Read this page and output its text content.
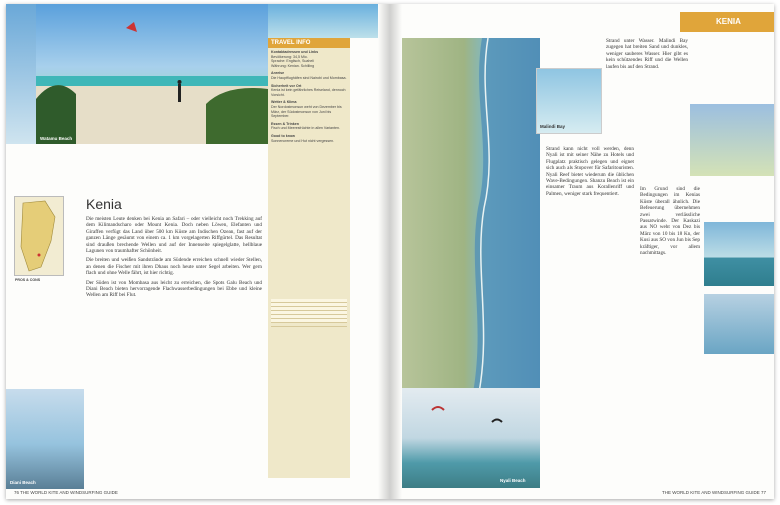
Watamu Beach
PROS & CONS
Kenia

Die meisten Leute denken bei Kenia an Safari – oder vielleicht noch Trekking auf dem Kilimandscharo oder Mount Kenia. Doch neben Löwen, Elefanten und Giraffen verfügt das Land über 500 km Küste am Indischen Ozean, fast auf der ganzen Länge gesäumt von einem ca. 1 km vorgelagerten Riffgürtel. Das Resultat sind draußen brechende Wellen und auf der Innenseite spiegelglatte, hellblaue Lagunen von traumhafter Schönheit.

Die breiten und weißen Sandstrände am Südende erreichen schnell wieder Stellen, an denen die Fischer mit ihren Dhaus noch heute unter Segel arbeiten. Wer gern flach und ohne Welle fährt, ist hier richtig.

Der Süden ist von Mombasa aus leicht zu erreichen, die Spots Galu Beach und Diani Beach bieten hervorragende Flachwasserbedingungen bei Ebbe und kleine Wellen am Riff bei Flut.

Diani Beach
TRAVEL INFO
Kontaktadressen und Links
Bevölkerung: 34,5 Mio.
Sprache: Englisch, Suaheli
Währung: Kenian. Schilling
Anreise
Die Hauptflughäfen sind Nairobi und Mombasa.
Sicherheit vor Ort
Kenia ist kein gefährliches Reiseland, dennoch Vorsicht.
Wetter & Klima
Der Nordostmonsun weht von Dezember bis März, der Südostmonsun von Juni bis September.
Essen & Trinken
Fisch und Meeresfrüchte in allen Varianten.
Good to know
Sonnencreme und Hut nicht vergessen.
76 THE WORLD KITE AND WINDSURFING GUIDE
KENIA
Malindi Bay
Nyali Beach
Strand kann nicht voll werden, denn Nyali ist mit seiner Nähe zu Hotels und Flugplatz praktisch gelegen und eignet sich auch als Stopover für Safaritouristen. Nyali Reef bietet wiederum die üblichen Wave-Bedingungen. Shanzu Beach ist ein einsamer Traum aus Korallenriff und Palmen, weniger stark frequentiert.
Strand unter Wasser. Malindi Bay zugegen hat breiten Sand und dunkles, weniger sauberes Wasser. Hier gibt es kein schützendes Riff und die Wellen laufen bis auf den Strand.
Im Grund sind die Bedingungen im Kenias Küste überall ähnlich. Die Befeuerung übernehmen zwei verlässliche Passatwinde. Der Kaskazi aus NO weht von Dez bis März von 10 bis 18 Kn, der Kusi aus SO von Jun bis Sep kräftiger, vor allem nachmittags.
THE WORLD KITE AND WINDSURFING GUIDE 77
